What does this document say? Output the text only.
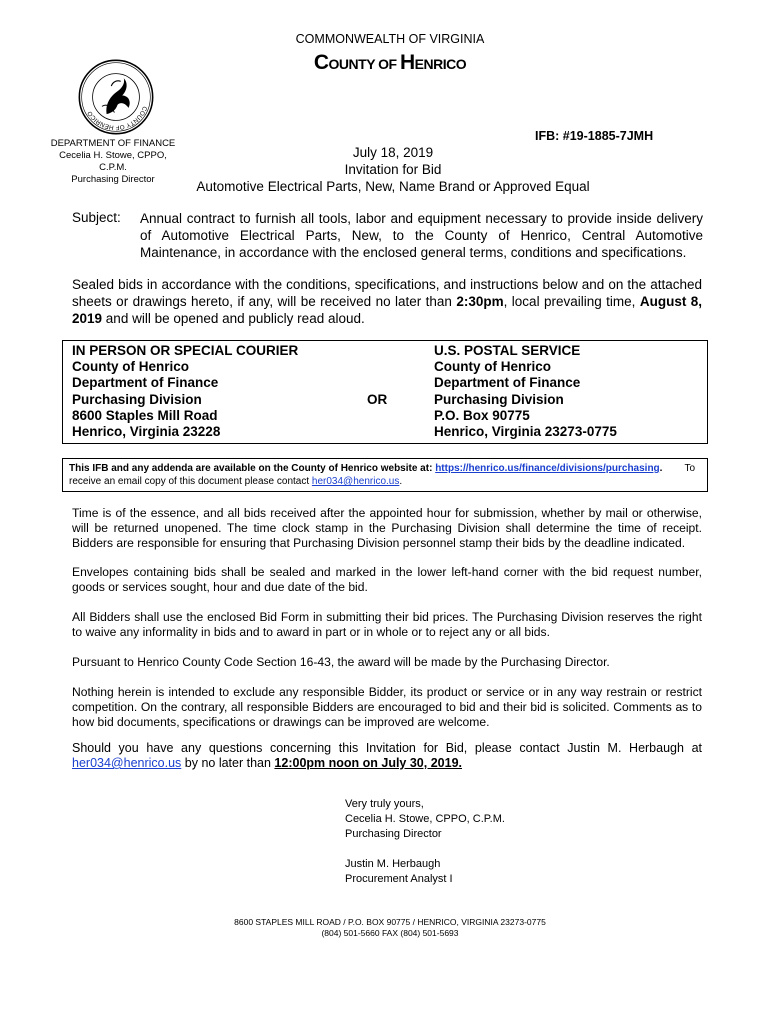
COMMONWEALTH OF VIRGINIA
COUNTY OF HENRICO
COUNTY OF HENRICO
DEPARTMENT OF FINANCE
Cecelia H. Stowe, CPPO, C.P.M.
Purchasing Director
IFB: #19-1885-7JMH
July 18, 2019
Invitation for Bid
Automotive Electrical Parts, New, Name Brand or Approved Equal
Subject: Annual contract to furnish all tools, labor and equipment necessary to provide inside delivery of Automotive Electrical Parts, New, to the County of Henrico, Central Automotive Maintenance, in accordance with the enclosed general terms, conditions and specifications.
Sealed bids in accordance with the conditions, specifications, and instructions below and on the attached sheets or drawings hereto, if any, will be received no later than 2:30pm, local prevailing time, August 8, 2019 and will be opened and publicly read aloud.
IN PERSON OR SPECIAL COURIER
County of Henrico
Department of Finance
Purchasing Division
8600 Staples Mill Road
Henrico, Virginia 23228
OR
U.S. POSTAL SERVICE
County of Henrico
Department of Finance
Purchasing Division
P.O. Box 90775
Henrico, Virginia 23273-0775
This IFB and any addenda are available on the County of Henrico website at: https://henrico.us/finance/divisions/purchasing. To
receive an email copy of this document please contact her034@henrico.us.
Time is of the essence, and all bids received after the appointed hour for submission, whether by mail or otherwise, will be returned unopened. The time clock stamp in the Purchasing Division shall determine the time of receipt. Bidders are responsible for ensuring that Purchasing Division personnel stamp their bids by the deadline indicated.
Envelopes containing bids shall be sealed and marked in the lower left-hand corner with the bid request number, goods or services sought, hour and due date of the bid.
All Bidders shall use the enclosed Bid Form in submitting their bid prices. The Purchasing Division reserves the right to waive any informality in bids and to award in part or in whole or to reject any or all bids.
Pursuant to Henrico County Code Section 16-43, the award will be made by the Purchasing Director.
Nothing herein is intended to exclude any responsible Bidder, its product or service or in any way restrain or restrict competition. On the contrary, all responsible Bidders are encouraged to bid and their bid is solicited. Comments as to how bid documents, specifications or drawings can be improved are welcome.
Should you have any questions concerning this Invitation for Bid, please contact Justin M. Herbaugh at her034@henrico.us by no later than 12:00pm noon on July 30, 2019.
Very truly yours,
Cecelia H. Stowe, CPPO, C.P.M.
Purchasing Director
Justin M. Herbaugh
Procurement Analyst I
8600 STAPLES MILL ROAD / P.O. BOX 90775 / HENRICO, VIRGINIA 23273-0775
(804) 501-5660 FAX (804) 501-5693
